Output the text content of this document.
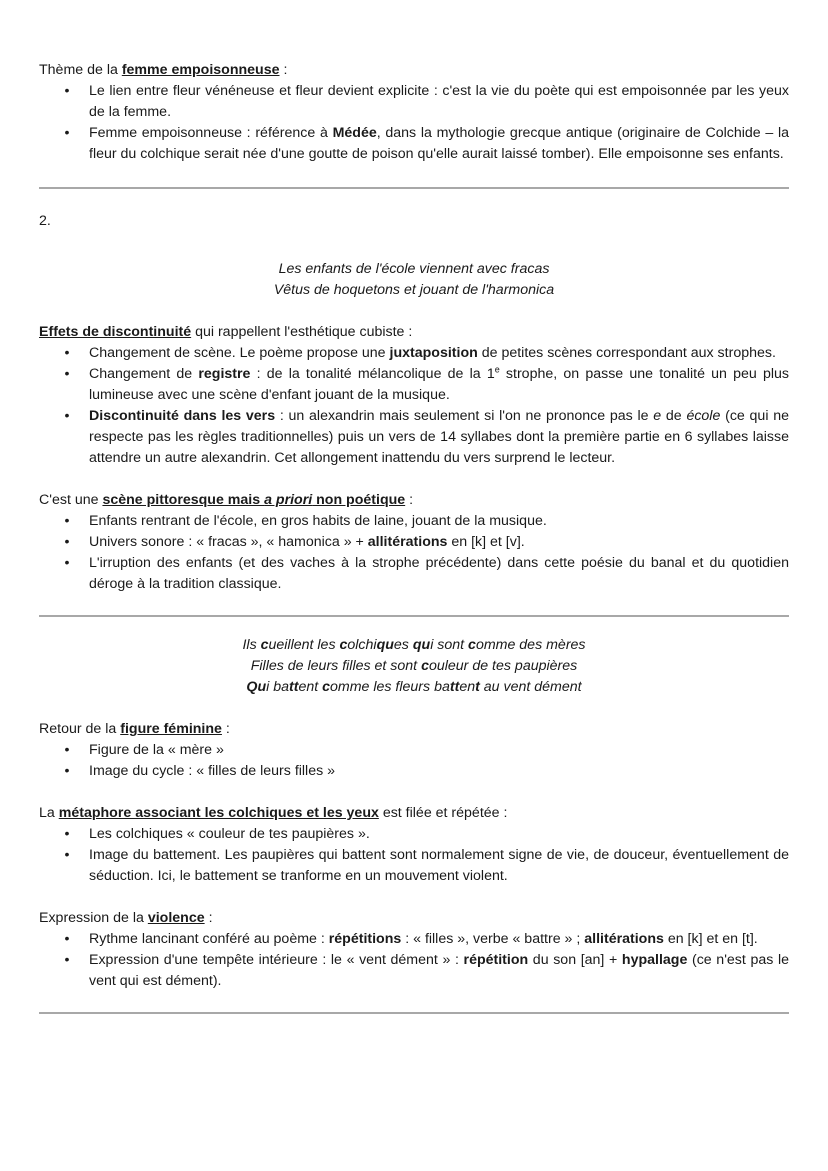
Thème de la femme empoisonneuse :

• Le lien entre fleur vénéneuse et fleur devient explicite : c'est la vie du poète qui est empoisonnée par les yeux de la femme.
• Femme empoisonneuse : référence à Médée, dans la mythologie grecque antique (originaire de Colchide – la fleur du colchique serait née d'une goutte de poison qu'elle aurait laissé tomber). Elle empoisonne ses enfants.

2.

Les enfants de l'école viennent avec fracas

Vêtus de hoquetons et jouant de l'harmonica

Effets de discontinuité qui rappellent l'esthétique cubiste :

• Changement de scène. Le poème propose une juxtaposition de petites scènes correspondant aux strophes.
• Changement de registre : de la tonalité mélancolique de la 1e strophe, on passe une tonalité un peu plus lumineuse avec une scène d'enfant jouant de la musique.
• Discontinuité dans les vers : un alexandrin mais seulement si l'on ne prononce pas le e de école (ce qui ne respecte pas les règles traditionnelles) puis un vers de 14 syllabes dont la première partie en 6 syllabes laisse attendre un autre alexandrin. Cet allongement inattendu du vers surprend le lecteur.

C'est une scène pittoresque mais a priori non poétique :

• Enfants rentrant de l'école, en gros habits de laine, jouant de la musique.
• Univers sonore : « fracas », « hamonica » + allitérations en [k] et [v].
• L'irruption des enfants (et des vaches à la strophe précédente) dans cette poésie du banal et du quotidien déroge à la tradition classique.

Ils cueillent les colchiques qui sont comme des mères

Filles de leurs filles et sont couleur de tes paupières

Qui battent comme les fleurs battent au vent dément

Retour de la figure féminine :

• Figure de la « mère »
• Image du cycle : « filles de leurs filles »

La métaphore associant les colchiques et les yeux est filée et répétée :

• Les colchiques « couleur de tes paupières ».
• Image du battement. Les paupières qui battent sont normalement signe de vie, de douceur, éventuellement de séduction. Ici, le battement se tranforme en un mouvement violent.

Expression de la violence :

• Rythme lancinant conféré au poème : répétitions : « filles », verbe « battre » ; allitérations en [k] et en [t].
• Expression d'une tempête intérieure : le « vent dément » : répétition du son [an] + hypallage (ce n'est pas le vent qui est dément).
